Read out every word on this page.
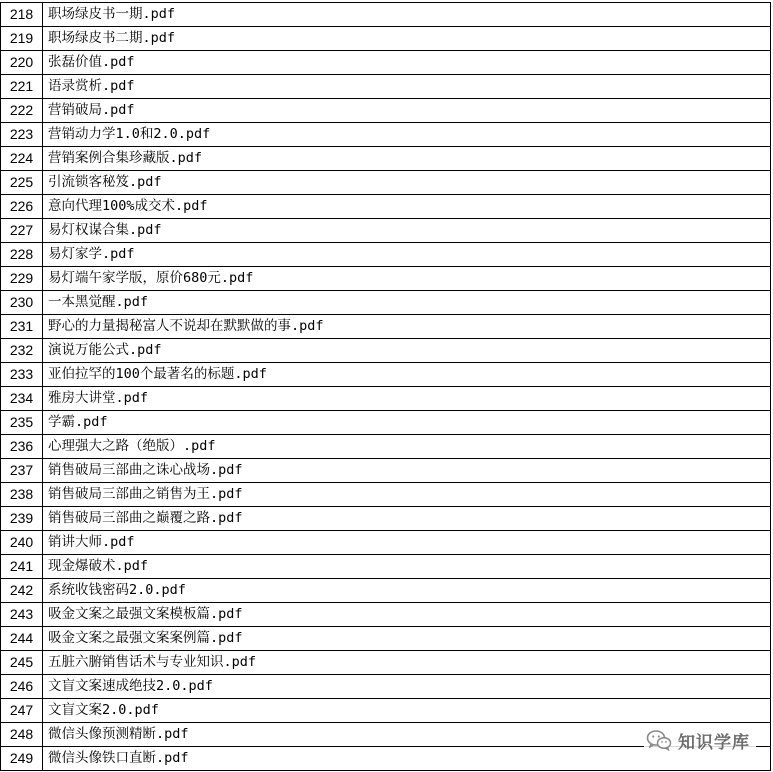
218	职场绿皮书一期.pdf
219	职场绿皮书二期.pdf
220	张磊价值.pdf
221	语录赏析.pdf
222	营销破局.pdf
223	营销动力学1.0和2.0.pdf
224	营销案例合集珍藏版.pdf
225	引流锁客秘笈.pdf
226	意向代理100%成交术.pdf
227	易灯权谋合集.pdf
228	易灯家学.pdf
229	易灯端午家学版，原价680元.pdf
230	一本黑觉醒.pdf
231	野心的力量揭秘富人不说却在默默做的事.pdf
232	演说万能公式.pdf
233	亚伯拉罕的100个最著名的标题.pdf
234	雅房大讲堂.pdf
235	学霸.pdf
236	心理强大之路（绝版）.pdf
237	销售破局三部曲之诛心战场.pdf
238	销售破局三部曲之销售为王.pdf
239	销售破局三部曲之巅覆之路.pdf
240	销讲大师.pdf
241	现金爆破术.pdf
242	系统收钱密码2.0.pdf
243	吸金文案之最强文案模板篇.pdf
244	吸金文案之最强文案案例篇.pdf
245	五脏六腑销售话术与专业知识.pdf
246	文盲文案速成绝技2.0.pdf
247	文盲文案2.0.pdf
248	微信头像预测精断.pdf
249	微信头像铁口直断.pdf
知识学库
